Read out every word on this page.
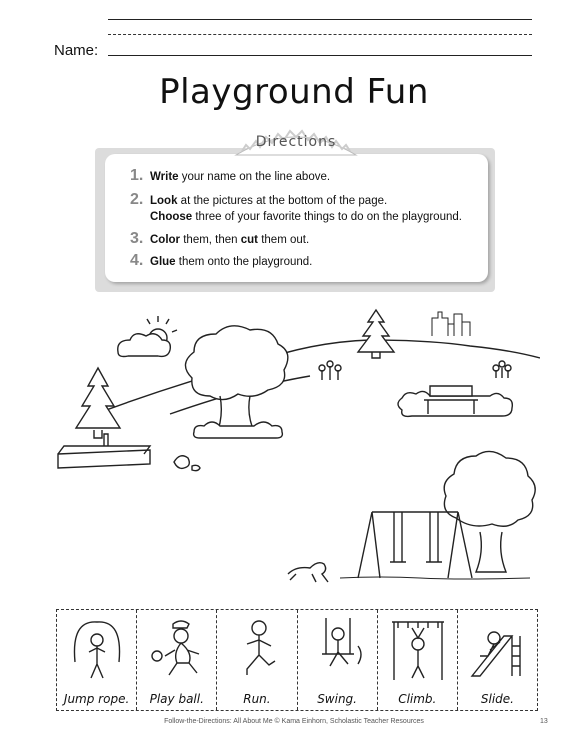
Name:
Playground Fun
Directions
1. Write your name on the line above.
2. Look at the pictures at the bottom of the page.
Choose three of your favorite things to do on the playground.
3. Color them, then cut them out.
4. Glue them onto the playground.
Jump rope.	Play ball.	Run.	Swing.	Climb.	Slide.
Follow-the-Directions: All About Me © Kama Einhorn, Scholastic Teacher Resources	13
